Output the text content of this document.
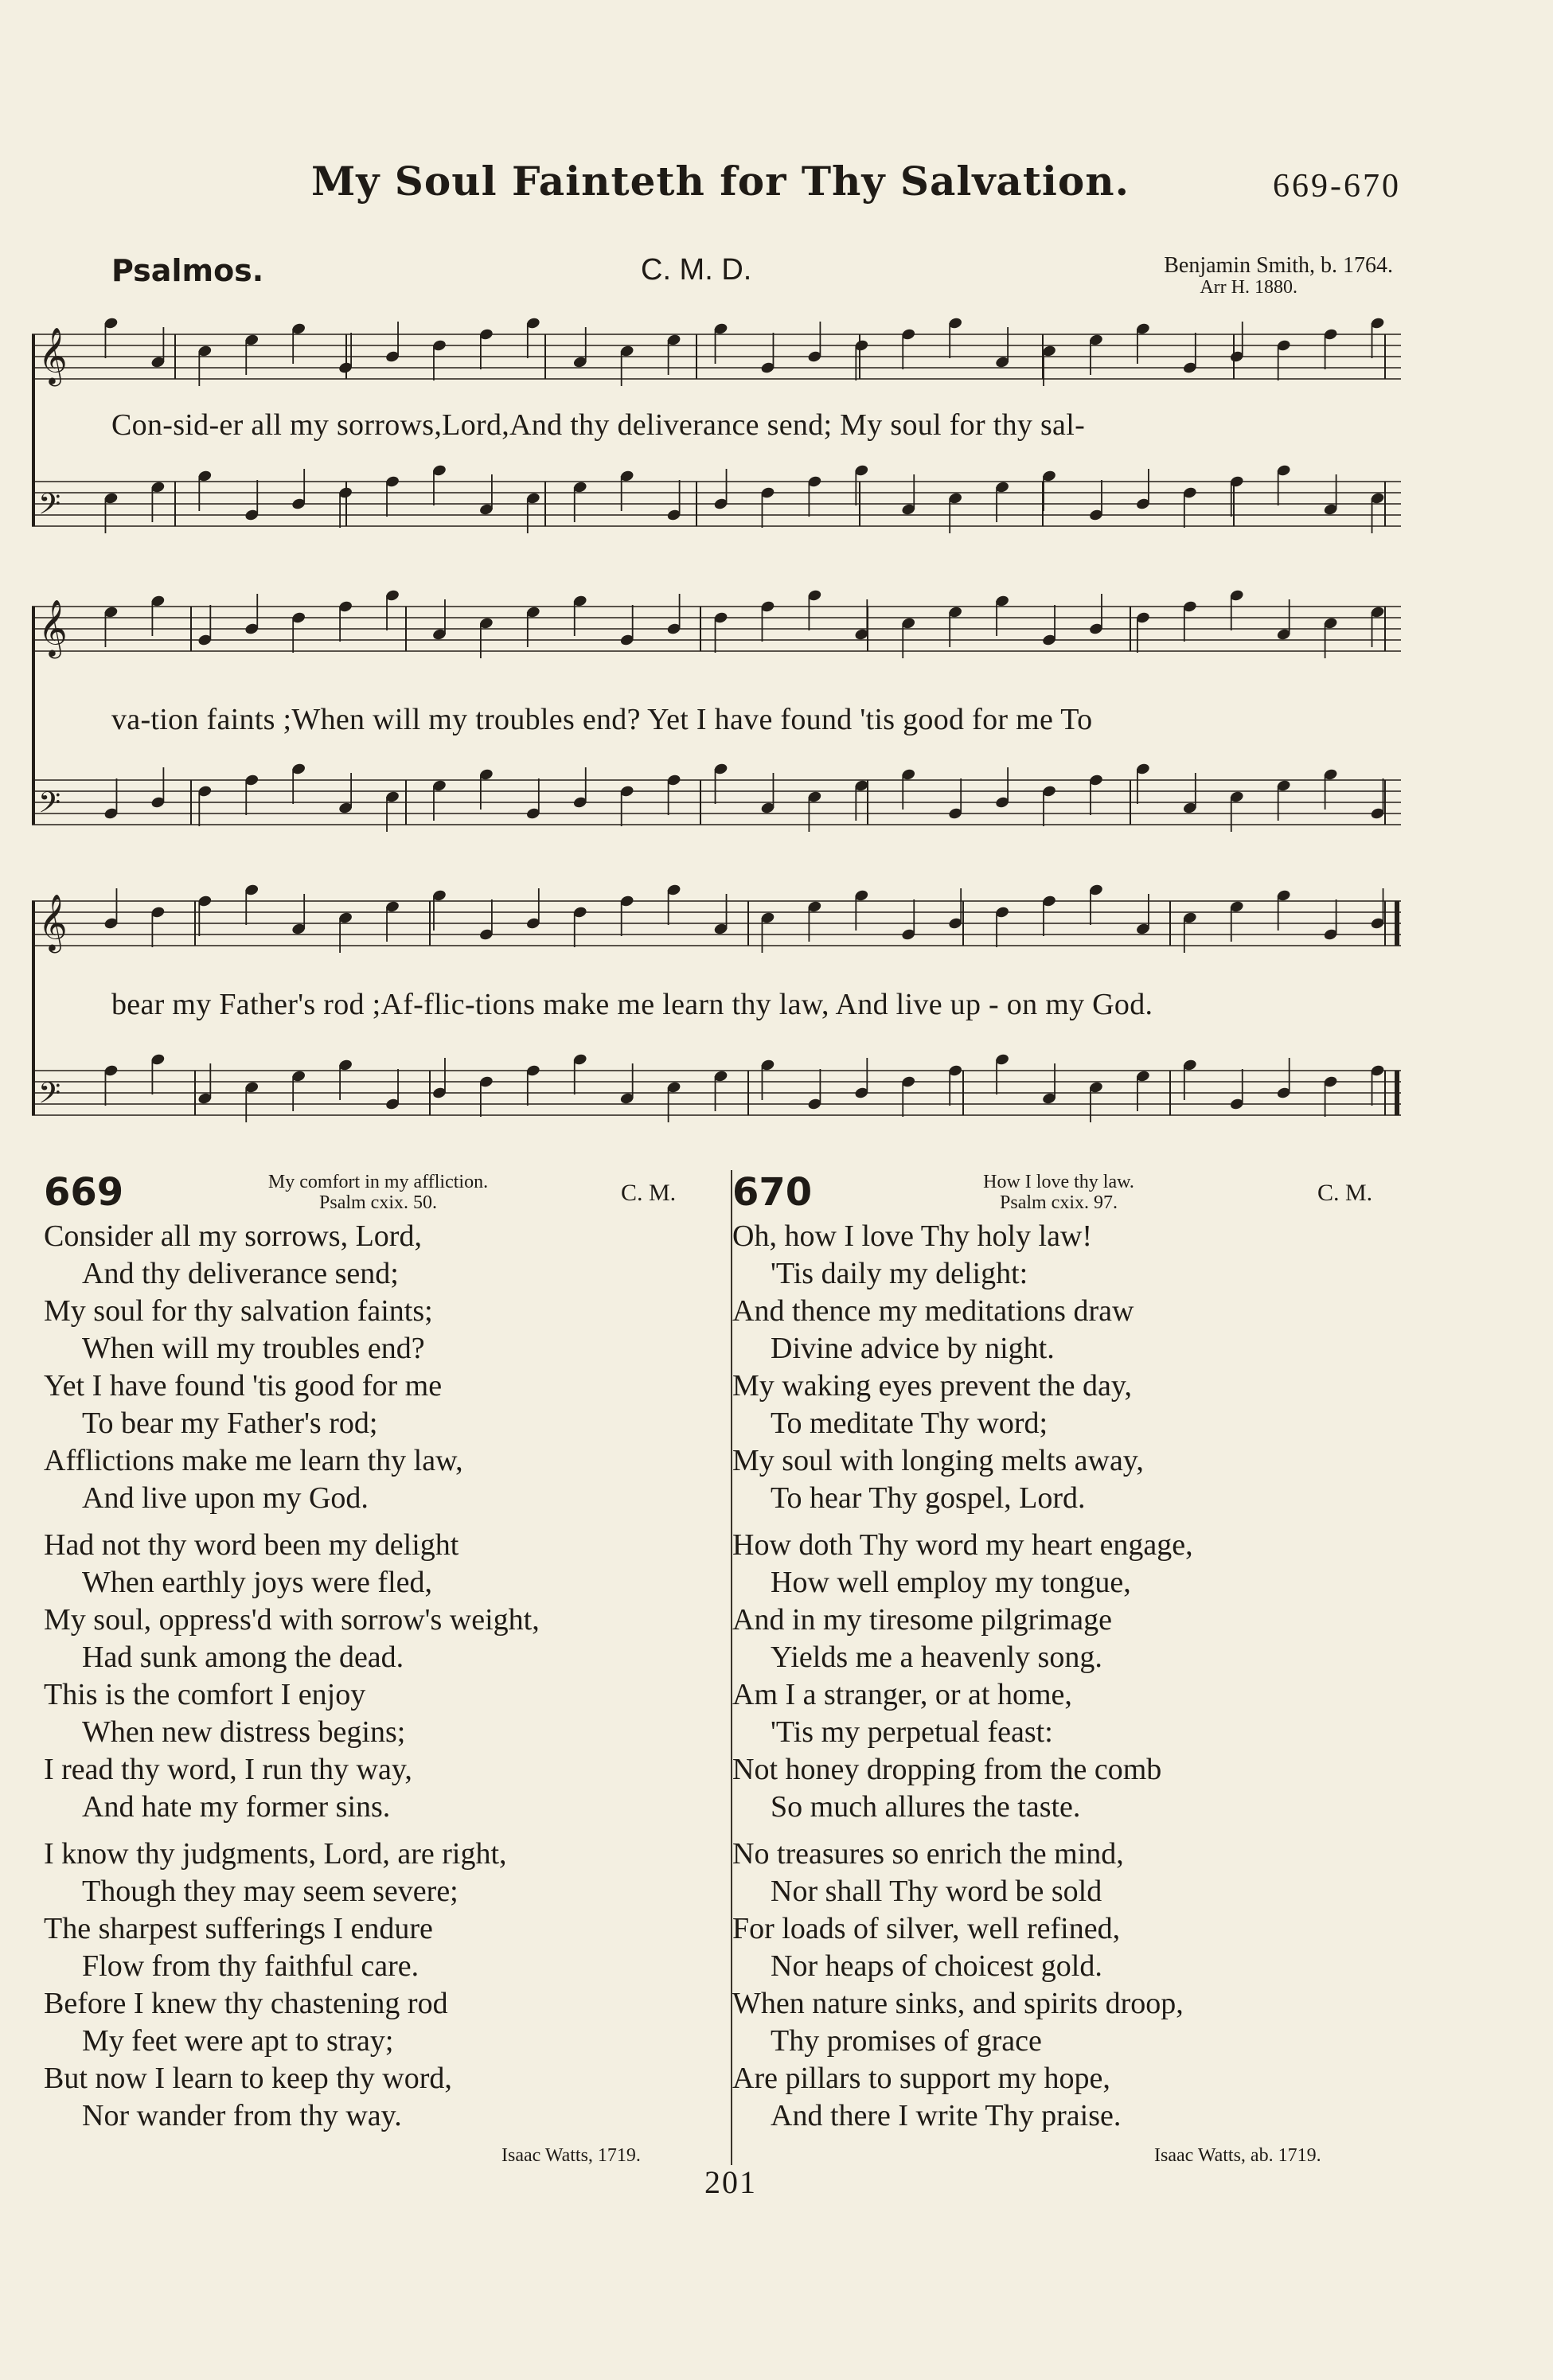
My Soul Fainteth for Thy Salvation.	669-670
Psalmos.	C. M. D.	Benjamin Smith, b. 1764.
Arr H. 1880.
𝄞
𝄢
Con-sid-er all my sorrows,Lord,And thy deliverance send; My soul for thy sal-
𝄞
𝄢
va-tion faints ;When will my troubles end? Yet I have found 'tis good for me To
𝄞
𝄢
bear my Father's rod ;Af-flic-tions make me learn thy law, And live up - on my God.
669	My comfort in my affliction.
Psalm cxix. 50.	C. M.
Consider all my sorrows, Lord,
And thy deliverance send;
My soul for thy salvation faints;
When will my troubles end?
Yet I have found 'tis good for me
To bear my Father's rod;
Afflictions make me learn thy law,
And live upon my God.
Had not thy word been my delight
When earthly joys were fled,
My soul, oppress'd with sorrow's weight,
Had sunk among the dead.
This is the comfort I enjoy
When new distress begins;
I read thy word, I run thy way,
And hate my former sins.
I know thy judgments, Lord, are right,
Though they may seem severe;
The sharpest sufferings I endure
Flow from thy faithful care.
Before I knew thy chastening rod
My feet were apt to stray;
But now I learn to keep thy word,
Nor wander from thy way.
Isaac Watts, 1719.
670	How I love thy law.
Psalm cxix. 97.	C. M.
Oh, how I love Thy holy law!
'Tis daily my delight:
And thence my meditations draw
Divine advice by night.
My waking eyes prevent the day,
To meditate Thy word;
My soul with longing melts away,
To hear Thy gospel, Lord.
How doth Thy word my heart engage,
How well employ my tongue,
And in my tiresome pilgrimage
Yields me a heavenly song.
Am I a stranger, or at home,
'Tis my perpetual feast:
Not honey dropping from the comb
So much allures the taste.
No treasures so enrich the mind,
Nor shall Thy word be sold
For loads of silver, well refined,
Nor heaps of choicest gold.
When nature sinks, and spirits droop,
Thy promises of grace
Are pillars to support my hope,
And there I write Thy praise.
Isaac Watts, ab. 1719.
201
